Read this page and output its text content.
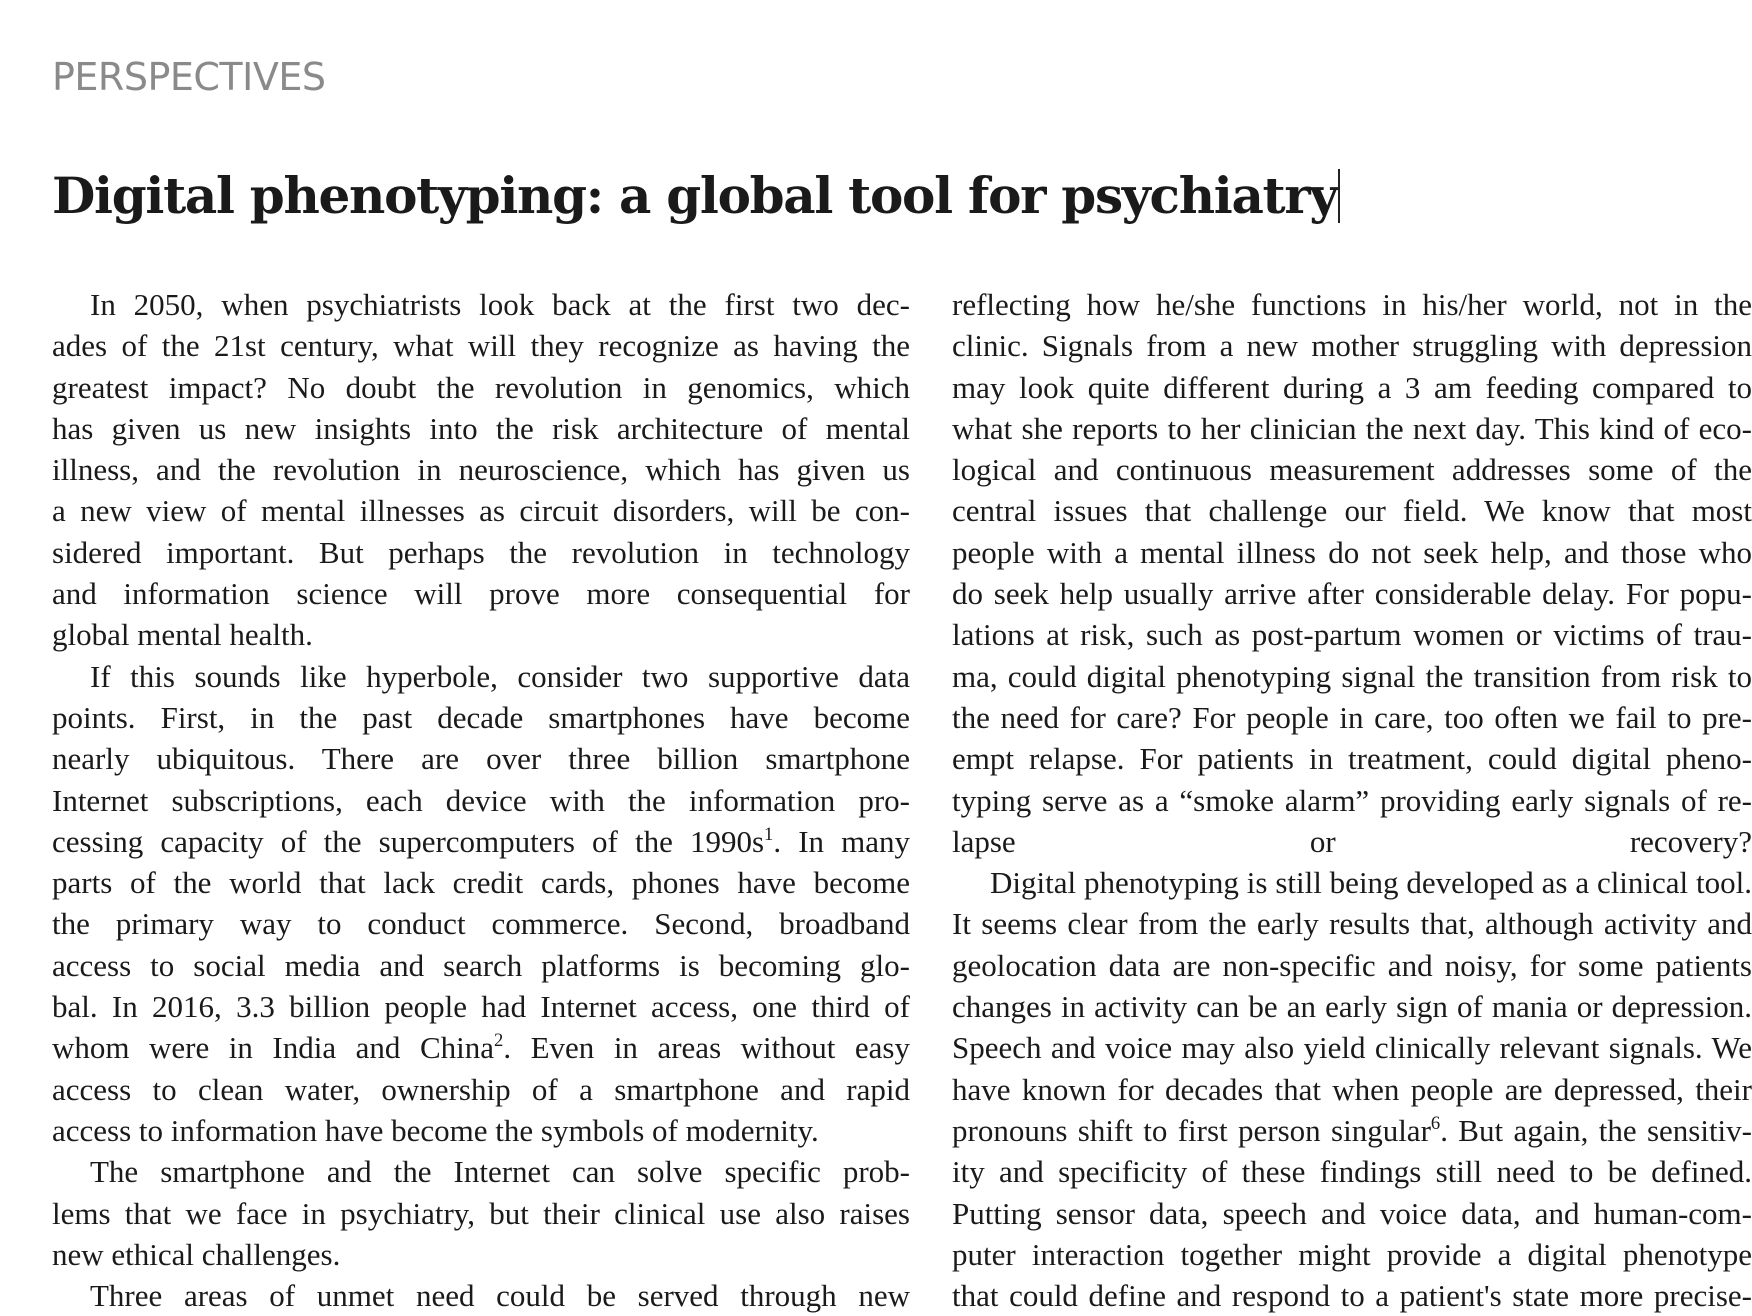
PERSPECTIVES
Digital phenotyping: a global tool for psychiatry
In 2050, when psychiatrists look back at the first two dec-
ades of the 21st century, what will they recognize as having the
greatest impact? No doubt the revolution in genomics, which
has given us new insights into the risk architecture of mental
illness, and the revolution in neuroscience, which has given us
a new view of mental illnesses as circuit disorders, will be con-
sidered important. But perhaps the revolution in technology
and information science will prove more consequential for
global mental health.
If this sounds like hyperbole, consider two supportive data
points. First, in the past decade smartphones have become
nearly ubiquitous. There are over three billion smartphone
Internet subscriptions, each device with the information pro-
cessing capacity of the supercomputers of the 1990s$^1$. In many
parts of the world that lack credit cards, phones have become
the primary way to conduct commerce. Second, broadband
access to social media and search platforms is becoming glo-
bal. In 2016, 3.3 billion people had Internet access, one third of
whom were in India and China$^2$. Even in areas without easy
access to clean water, ownership of a smartphone and rapid
access to information have become the symbols of modernity.
The smartphone and the Internet can solve specific prob-
lems that we face in psychiatry, but their clinical use also raises
new ethical challenges.
Three areas of unmet need could be served through new
reflecting how he/she functions in his/her world, not in the
clinic. Signals from a new mother struggling with depression
may look quite different during a 3 am feeding compared to
what she reports to her clinician the next day. This kind of eco-
logical and continuous measurement addresses some of the
central issues that challenge our field. We know that most
people with a mental illness do not seek help, and those who
do seek help usually arrive after considerable delay. For popu-
lations at risk, such as post-partum women or victims of trau-
ma, could digital phenotyping signal the transition from risk to
the need for care? For people in care, too often we fail to pre-
empt relapse. For patients in treatment, could digital pheno-
typing serve as a “smoke alarm” providing early signals of re-
lapse or recovery?
Digital phenotyping is still being developed as a clinical tool.
It seems clear from the early results that, although activity and
geolocation data are non-specific and noisy, for some patients
changes in activity can be an early sign of mania or depression.
Speech and voice may also yield clinically relevant signals. We
have known for decades that when people are depressed, their
pronouns shift to first person singular$^6$. But again, the sensitiv-
ity and specificity of these findings still need to be defined.
Putting sensor data, speech and voice data, and human-com-
puter interaction together might provide a digital phenotype
that could define and respond to a patient's state more precise-
